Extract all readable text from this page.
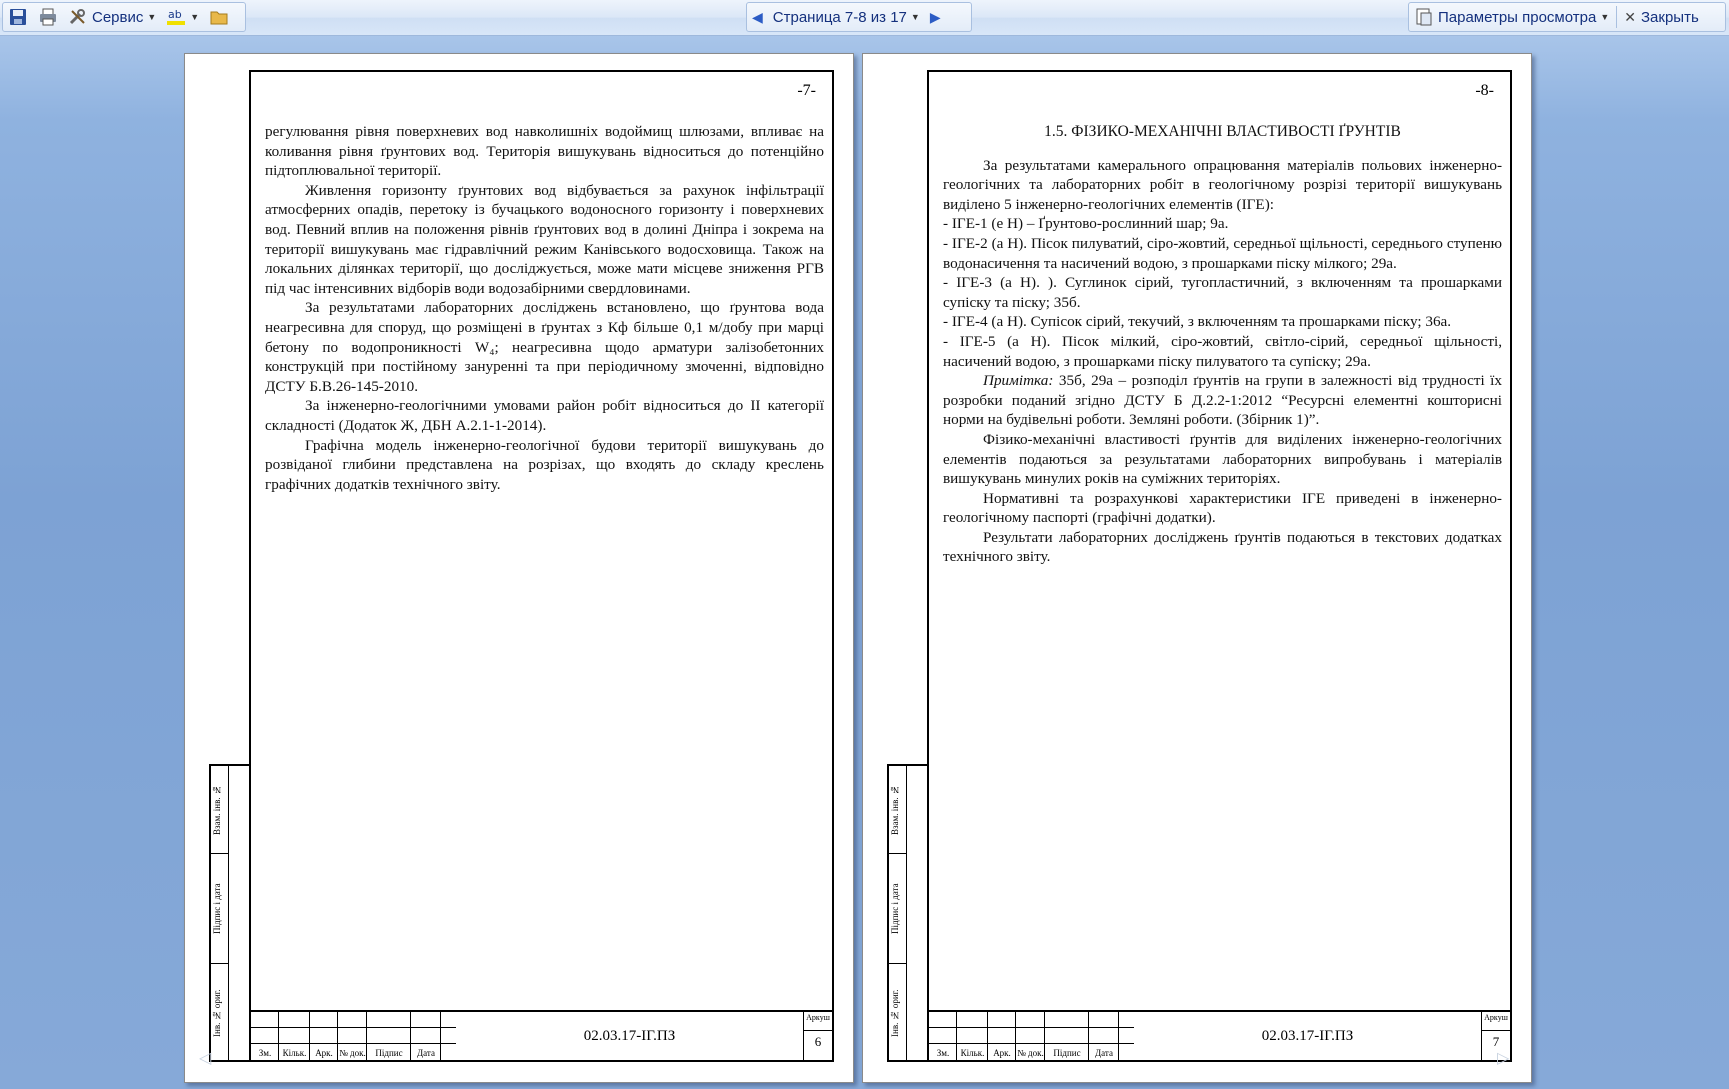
Сервис ▼ ab ▼	◀ Страница 7-8 из 17 ▼ ▶	Параметры просмотра ▼ ✕ Закрыть
Взам. інв. №
Підпис і дата
Інв. № ориг.
-7-

регулювання рівня поверхневих вод навколишніх водоймищ шлюзами, впливає на коливання рівня ґрунтових вод. Територія вишукувань відноситься до потенційно підтоплювальної території.

Живлення горизонту ґрунтових вод відбувається за рахунок інфільтрації атмосферних опадів, перетоку із бучацького водоносного горизонту і поверхневих вод. Певний вплив на положення рівнів ґрунтових вод в долині Дніпра і зокрема на території вишукувань має гідравлічний режим Канівського водосховища. Також на локальних ділянках території, що досліджується, може мати місцеве зниження РГВ під час інтенсивних відборів води водозабірними свердловинами.

За результатами лабораторних досліджень встановлено, що ґрунтова вода неагресивна для споруд, що розміщені в ґрунтах з Кф більше 0,1 м/добу при марці бетону по водопроникності W₄; неагресивна щодо арматури залізобетонних конструкцій при постійному зануренні та при періодичному змоченні, відповідно ДСТУ Б.В.26-145-2010.

За інженерно-геологічними умовами район робіт відноситься до II категорії складності (Додаток Ж, ДБН А.2.1-1-2014).

Графічна модель інженерно-геологічної будови території вишукувань до розвіданої глибини представлена на розрізах, що входять до складу креслень графічних додатків технічного звіту.

Зм.	Кільк. Арк. № док.	Підпис	Дата
02.03.17-ІГ.ПЗ
Аркуш
6
◁
Взам. інв. №
Підпис і дата
Інв. № ориг.
-8-
1.5. ФІЗИКО-МЕХАНІЧНІ ВЛАСТИВОСТІ ҐРУНТІВ

За результатами камерального опрацювання матеріалів польових інженерно-геологічних та лабораторних робіт в геологічному розрізі території вишукувань виділено 5 інженерно-геологічних елементів (ІГЕ):

- ІГЕ-1 (e H) – Ґрунтово-рослинний шар; 9а.

- ІГЕ-2 (a H). Пісок пилуватий, сіро-жовтий, середньої щільності, середнього ступеню водонасичення та насичений водою, з прошарками піску мілкого; 29а.

- ІГЕ-3 (a H). ). Суглинок сірий, тугопластичний, з включенням та прошарками супіску та піску; 35б.

- ІГЕ-4 (a H). Супісок сірий, текучий, з включенням та прошарками піску; 36а.

- ІГЕ-5 (a H). Пісок мілкий, сіро-жовтий, світло-сірий, середньої щільності, насичений водою, з прошарками піску пилуватого та супіску; 29а.

Примітка: 35б, 29а – розподіл ґрунтів на групи в залежності від трудності їх розробки поданий згідно ДСТУ Б Д.2.2-1:2012 “Ресурсні елементні кошторисні норми на будівельні роботи. Земляні роботи. (Збірник 1)”.

Фізико-механічні властивості ґрунтів для виділених інженерно-геологічних елементів подаються за результатами лабораторних випробувань і матеріалів вишукувань минулих років на суміжних територіях.

Нормативні та розрахункові характеристики ІГЕ приведені в інженерно-геологічному паспорті (графічні додатки).

Результати лабораторних досліджень ґрунтів подаються в текстових додатках технічного звіту.

Зм.	Кільк. Арк. № док.	Підпис	Дата
02.03.17-ІГ.ПЗ
Аркуш
7
▷
